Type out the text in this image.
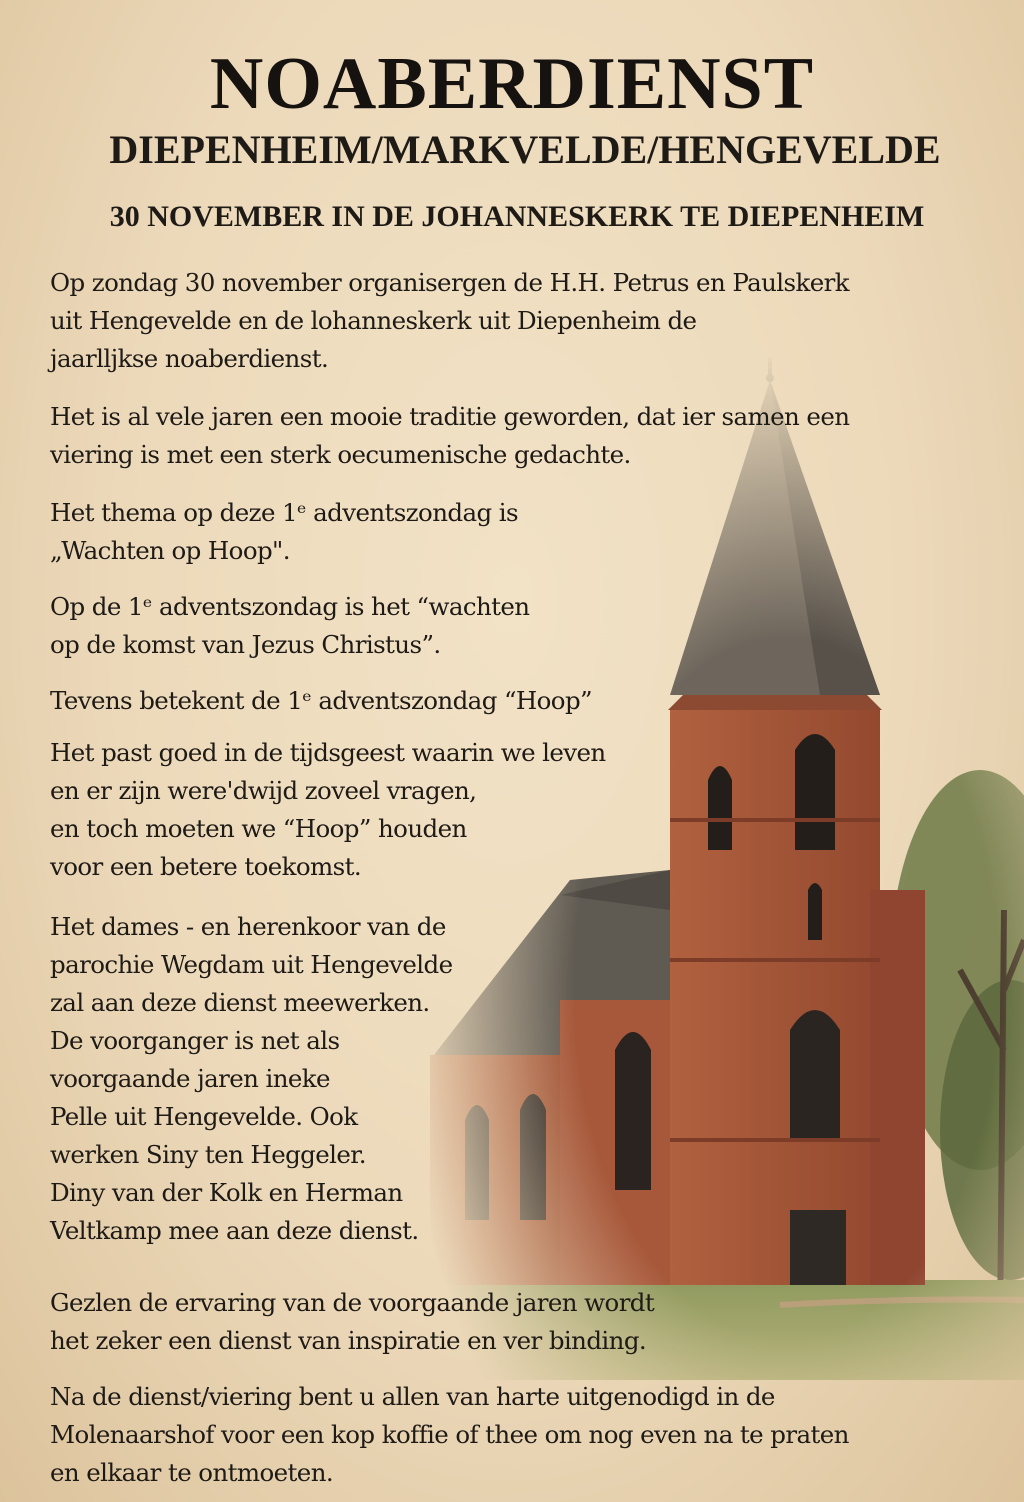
NOABERDIENST
DIEPENHEIM/MARKVELDE/HENGEVELDE
30 NOVEMBER IN DE JOHANNESKERK TE DIEPENHEIM

Op zondag 30 november organisergen de H.H. Petrus en Paulskerk
uit Hengevelde en de lohanneskerk uit Diepenheim de
jaarlljkse noaberdienst.

Het is al vele jaren een mooie traditie geworden, dat ier samen een
viering is met een sterk oecumenische gedachte.

Het thema op deze 1ᵉ adventszondag is
„Wachten op Hoop".

Op de 1ᵉ adventszondag is het “wachten
op de komst van Jezus Christus”.

Tevens betekent de 1ᵉ adventszondag “Hoop”

Het past goed in de tijdsgeest waarin we leven
en er zijn were'dwijd zoveel vragen,
en toch moeten we “Hoop” houden
voor een betere toekomst.

Het dames - en herenkoor van de
parochie Wegdam uit Hengevelde
zal aan deze dienst meewerken.
De voorganger is net als
voorgaande jaren ineke
Pelle uit Hengevelde. Ook
werken Siny ten Heggeler.
Diny van der Kolk en Herman
Veltkamp mee aan deze dienst.

Gezlen de ervaring van de voorgaande jaren wordt
het zeker een dienst van inspiratie en ver binding.

Na de dienst/viering bent u allen van harte uitgenodigd in de
Molenaarshof voor een kop koffie of thee om nog even na te praten
en elkaar te ontmoeten.
